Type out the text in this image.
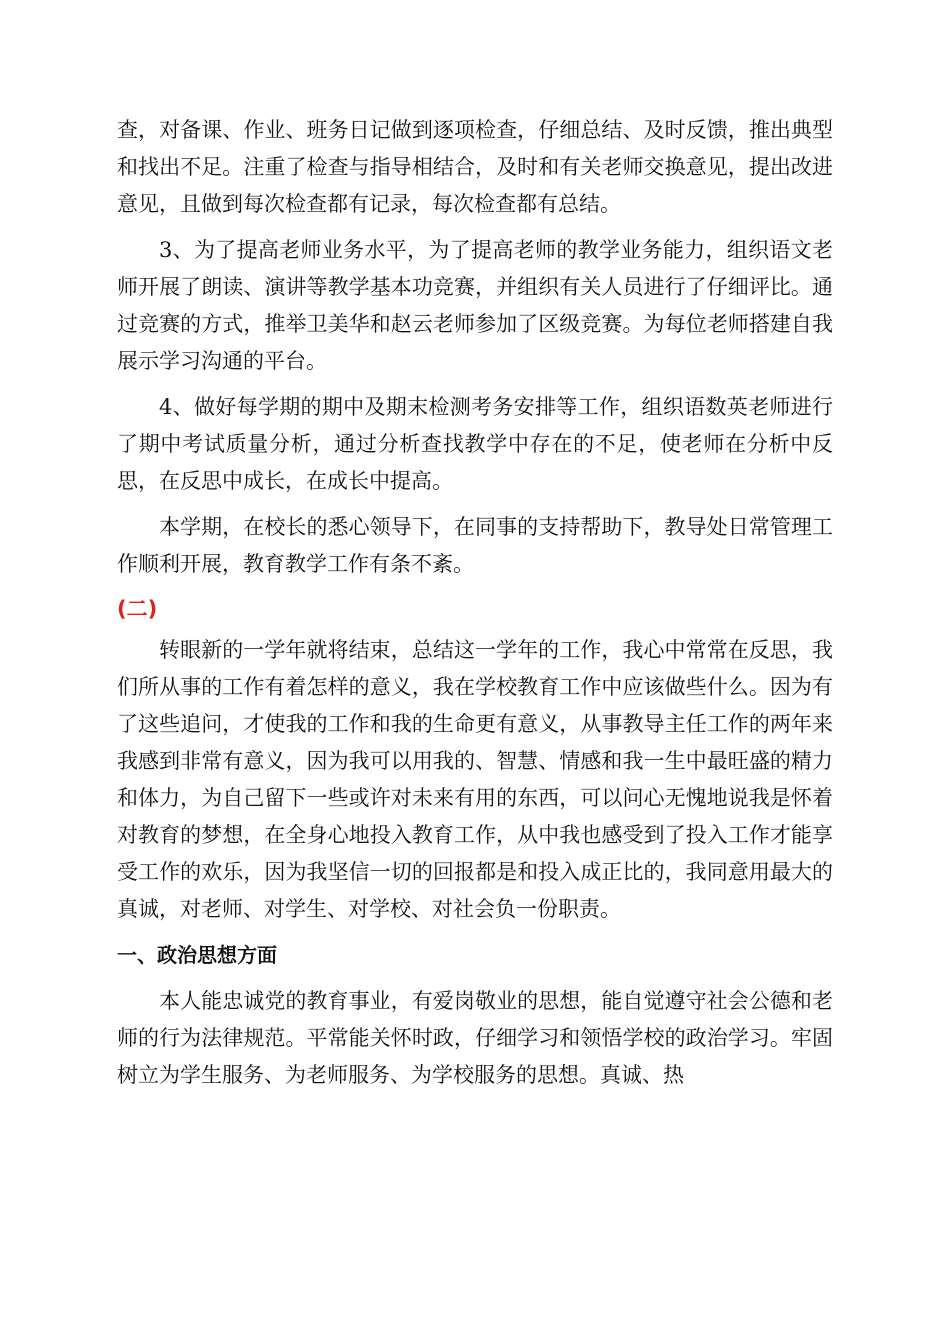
查，对备课、作业、班务日记做到逐项检查，仔细总结、及时反馈，推出典型和找出不足。注重了检查与指导相结合，及时和有关老师交换意见，提出改进意见，且做到每次检查都有记录，每次检查都有总结。

3、为了提高老师业务水平，为了提高老师的教学业务能力，组织语文老师开展了朗读、演讲等教学基本功竞赛，并组织有关人员进行了仔细评比。通过竞赛的方式，推举卫美华和赵云老师参加了区级竞赛。为每位老师搭建自我展示学习沟通的平台。

4、做好每学期的期中及期末检测考务安排等工作，组织语数英老师进行了期中考试质量分析，通过分析查找教学中存在的不足，使老师在分析中反思，在反思中成长，在成长中提高。

本学期，在校长的悉心领导下，在同事的支持帮助下，教导处日常管理工作顺利开展，教育教学工作有条不紊。

(二)

转眼新的一学年就将结束，总结这一学年的工作，我心中常常在反思，我们所从事的工作有着怎样的意义，我在学校教育工作中应该做些什么。因为有了这些追问，才使我的工作和我的生命更有意义，从事教导主任工作的两年来我感到非常有意义，因为我可以用我的、智慧、情感和我一生中最旺盛的精力和体力，为自己留下一些或许对未来有用的东西，可以问心无愧地说我是怀着对教育的梦想，在全身心地投入教育工作，从中我也感受到了投入工作才能享受工作的欢乐，因为我坚信一切的回报都是和投入成正比的，我同意用最大的真诚，对老师、对学生、对学校、对社会负一份职责。

一、政治思想方面

本人能忠诚党的教育事业，有爱岗敬业的思想，能自觉遵守社会公德和老师的行为法律规范。平常能关怀时政，仔细学习和领悟学校的政治学习。牢固树立为学生服务、为老师服务、为学校服务的思想。真诚、热
